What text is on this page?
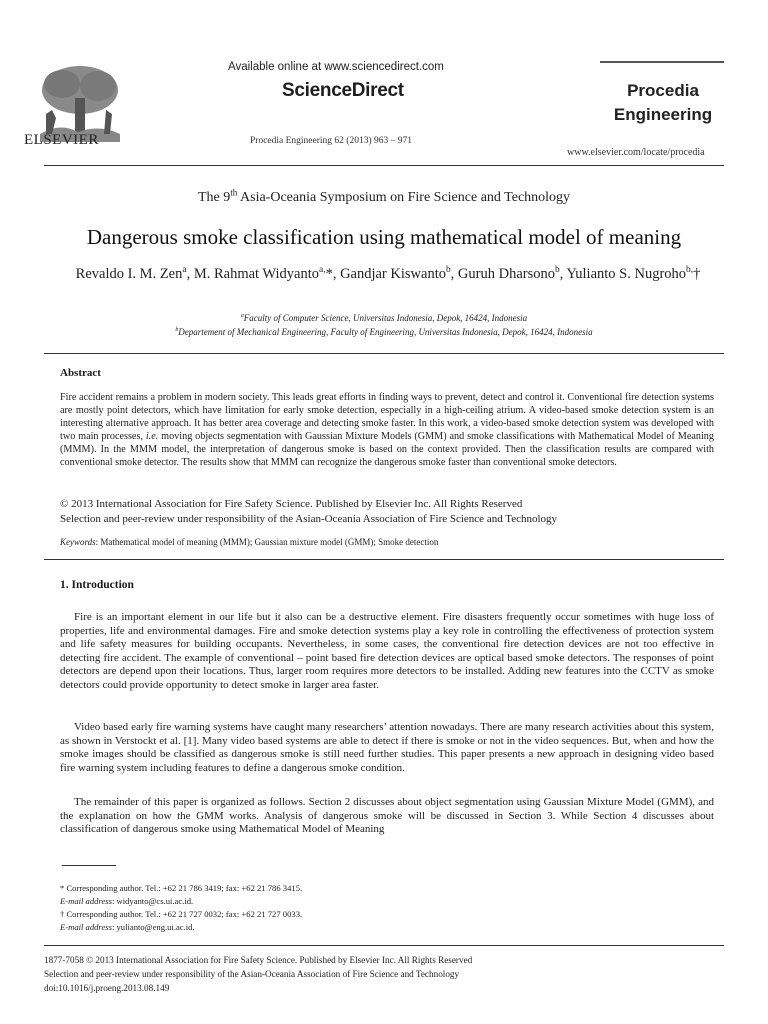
ELSEVIER
Available online at www.sciencedirect.com
ScienceDirect
Procedia Engineering 62 (2013) 963 – 971
Procedia
Engineering
www.elsevier.com/locate/procedia
The 9th Asia-Oceania Symposium on Fire Science and Technology
Dangerous smoke classification using mathematical model of meaning
Revaldo I. M. Zen$^a$, M. Rahmat Widyanto$^{a,}$*, Gandjar Kiswanto$^b$, Guruh Dharsono$^b$, Yulianto S. Nugroho$^{b,}$†
$^a$Faculty of Computer Science, Universitas Indonesia, Depok, 16424, Indonesia
$^b$Departement of Mechanical Engineering, Faculty of Engineering, Universitas Indonesia, Depok, 16424, Indonesia
Abstract
Fire accident remains a problem in modern society. This leads great efforts in finding ways to prevent, detect and control it. Conventional fire detection systems are mostly point detectors, which have limitation for early smoke detection, especially in a high-ceiling atrium. A video-based smoke detection system is an interesting alternative approach. It has better area coverage and detecting smoke faster. In this work, a video-based smoke detection system was developed with two main processes, i.e. moving objects segmentation with Gaussian Mixture Models (GMM) and smoke classifications with Mathematical Model of Meaning (MMM). In the MMM model, the interpretation of dangerous smoke is based on the context provided. Then the classification results are compared with conventional smoke detector. The results show that MMM can recognize the dangerous smoke faster than conventional smoke detectors.
© 2013 International Association for Fire Safety Science. Published by Elsevier Inc. All Rights Reserved
Selection and peer-review under responsibility of the Asian-Oceania Association of Fire Science and Technology
Keywords: Mathematical model of meaning (MMM); Gaussian mixture model (GMM); Smoke detection
1. Introduction
Fire is an important element in our life but it also can be a destructive element. Fire disasters frequently occur sometimes with huge loss of properties, life and environmental damages. Fire and smoke detection systems play a key role in controlling the effectiveness of protection system and life safety measures for building occupants. Nevertheless, in some cases, the conventional fire detection devices are not too effective in detecting fire accident. The example of conventional – point based fire detection devices are optical based smoke detectors. The responses of point detectors are depend upon their locations. Thus, larger room requires more detectors to be installed. Adding new features into the CCTV as smoke detectors could provide opportunity to detect smoke in larger area faster.
Video based early fire warning systems have caught many researchers’ attention nowadays. There are many research activities about this system, as shown in Verstockt et al. [1]. Many video based systems are able to detect if there is smoke or not in the video sequences. But, when and how the smoke images should be classified as dangerous smoke is still need further studies. This paper presents a new approach in designing video based fire warning system including features to define a dangerous smoke condition.
The remainder of this paper is organized as follows. Section 2 discusses about object segmentation using Gaussian Mixture Model (GMM), and the explanation on how the GMM works. Analysis of dangerous smoke will be discussed in Section 3. While Section 4 discusses about classification of dangerous smoke using Mathematical Model of Meaning
* Corresponding author. Tel.: +62 21 786 3419; fax: +62 21 786 3415.
E-mail address: widyanto@cs.ui.ac.id.
† Corresponding author. Tel.: +62 21 727 0032; fax: +62 21 727 0033.
E-mail address: yulianto@eng.ui.ac.id.
1877-7058 © 2013 International Association for Fire Safety Science. Published by Elsevier Inc. All Rights Reserved
Selection and peer-review under responsibility of the Asian-Oceania Association of Fire Science and Technology
doi:10.1016/j.proeng.2013.08.149
